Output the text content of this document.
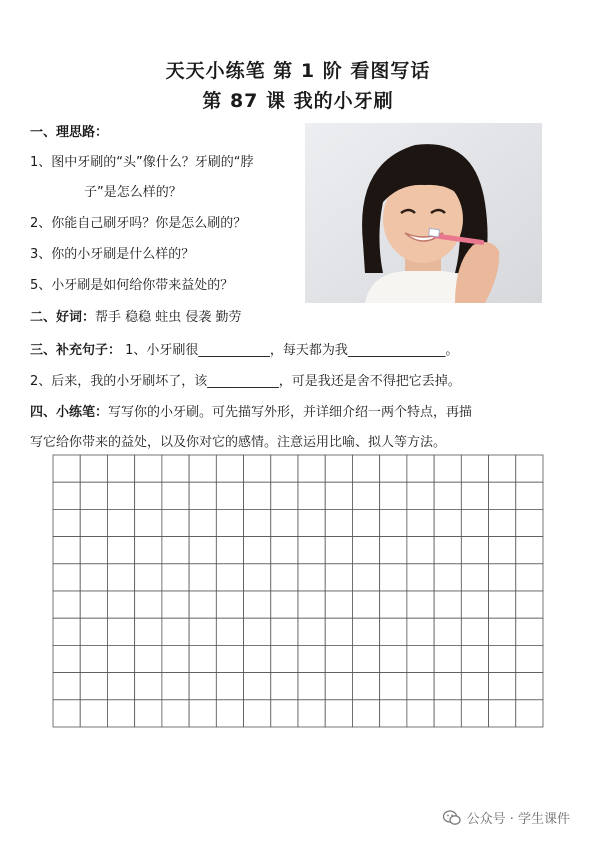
天天小练笔 第 1 阶 看图写话
第 87 课 我的小牙刷
一、理思路：
1、图中牙刷的“头”像什么？牙刷的“脖
子”是怎么样的？
2、你能自己刷牙吗？你是怎么刷的？
3、你的小牙刷是什么样的？
5、小牙刷是如何给你带来益处的？
二、好词：帮手 稳稳 蛀虫 侵袭 勤劳
三、补充句子： 1、小牙刷很___________，每天都为我_______________。
2、后来，我的小牙刷坏了，该___________，可是我还是舍不得把它丢掉。
四、小练笔：写写你的小牙刷。可先描写外形，并详细介绍一两个特点，再描
写它给你带来的益处，以及你对它的感情。注意运用比喻、拟人等方法。
公众号 · 学生课件
